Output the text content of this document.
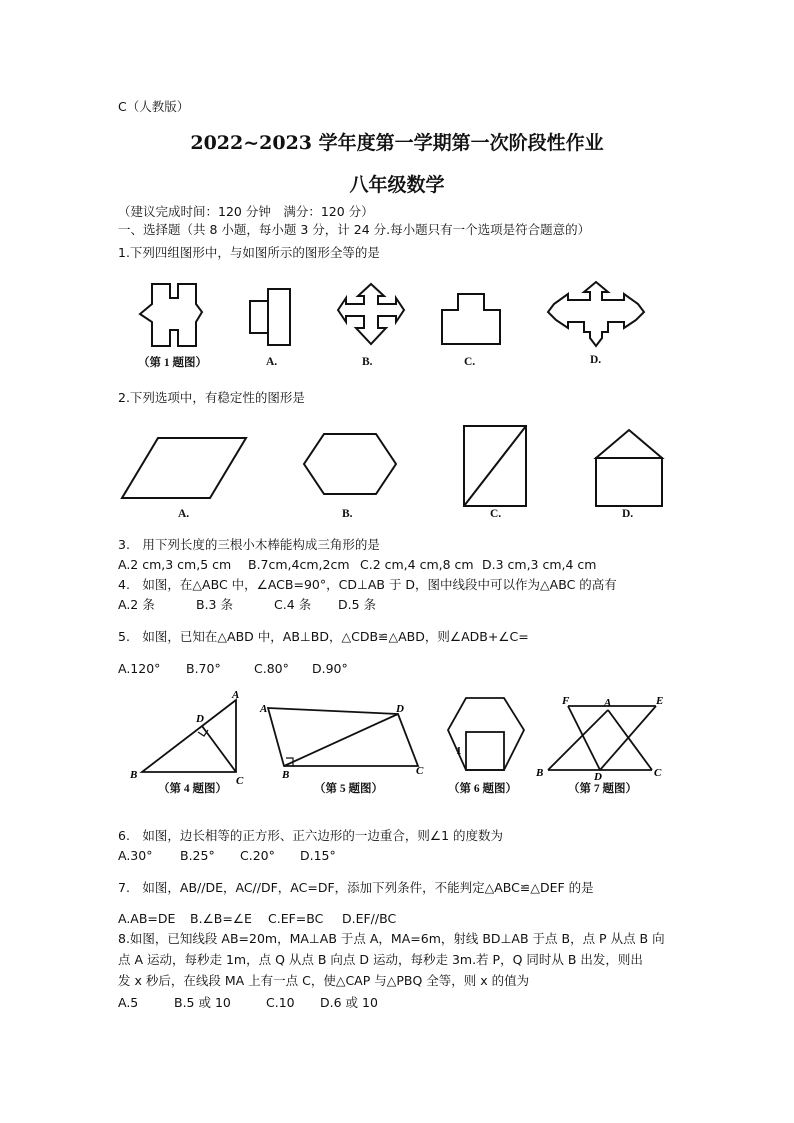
C（人教版）
2022~2023 学年度第一学期第一次阶段性作业
八年级数学
（建议完成时间：120 分钟　满分：120 分）
一、选择题（共 8 小题，每小题 3 分，计 24 分.每小题只有一个选项是符合题意的）
1.下列四组图形中，与如图所示的图形全等的是
（第 1 题图）	A.	B.	C.	D.
2.下列选项中，有稳定性的图形是
A.	B.	C.	D.
3.　用下列长度的三根小木棒能构成三角形的是
A.2 cm,3 cm,5 cm B.7cm,4cm,2cm C.2 cm,4 cm,8 cm D.3 cm,3 cm,4 cm
4.　如图，在△ABC 中，∠ACB=90°，CD⊥AB 于 D，图中线段中可以作为△ABC 的高有
A.2 条	B.3 条	C.4 条 D.5 条
5.　如图，已知在△ABD 中，AB⊥BD，△CDB≌△ABD，则∠ADB+∠C=
A.120° B.70°	C.80° D.90°
A
D
B	C
（第 4 题图）
A	D
B	C
（第 5 题图）
1
（第 6 题图）
F	A	E
B	D	C
（第 7 题图）
6.　如图，边长相等的正方形、正六边形的一边重合，则∠1 的度数为
A.30° B.25° C.20° D.15°
7.　如图，AB//DE，AC//DF，AC=DF，添加下列条件，不能判定△ABC≌△DEF 的是
A.AB=DE B.∠B=∠E C.EF=BC D.EF//BC
8.如图，已知线段 AB=20m，MA⊥AB 于点 A，MA=6m，射线 BD⊥AB 于点 B，点 P 从点 B 向
点 A 运动，每秒走 1m，点 Q 从点 B 向点 D 运动，每秒走 3m.若 P，Q 同时从 B 出发，则出
发 x 秒后，在线段 MA 上有一点 C，使△CAP 与△PBQ 全等，则 x 的值为
A.5	B.5 或 10	C.10 D.6 或 10
